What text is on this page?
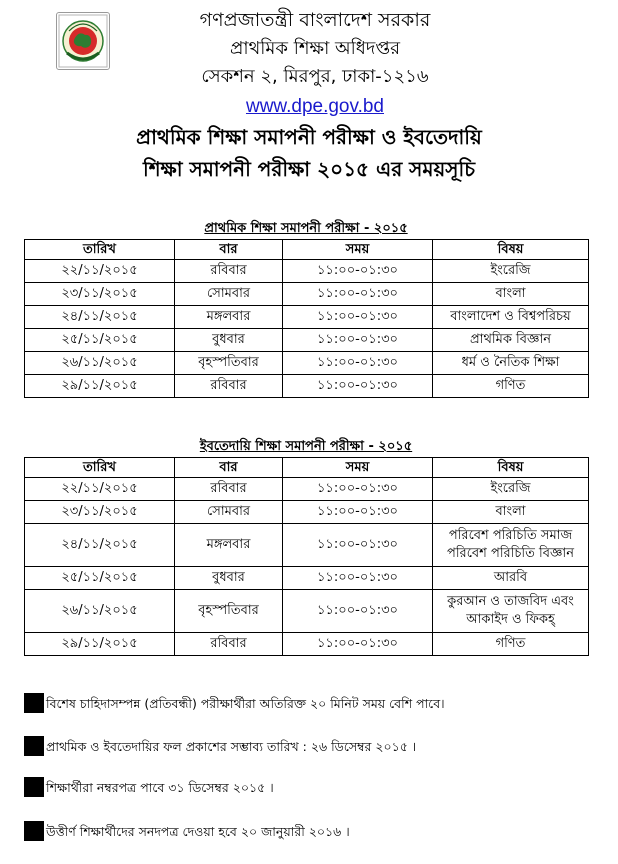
গণপ্রজাতন্ত্রী বাংলাদেশ সরকার
প্রাথমিক শিক্ষা অধিদপ্তর
সেকশন ২, মিরপুর, ঢাকা-১২১৬
www.dpe.gov.bd
প্রাথমিক শিক্ষা সমাপনী পরীক্ষা ও ইবতেদায়ি
শিক্ষা সমাপনী পরীক্ষা ২০১৫ এর সময়সূচি
প্রাথমিক শিক্ষা সমাপনী পরীক্ষা - ২০১৫
তারিখ	বার	সময়	বিষয়
২২/১১/২০১৫	রবিবার	১১:০০-০১:৩০	ইংরেজি
২৩/১১/২০১৫	সোমবার	১১:০০-০১:৩০	বাংলা
২৪/১১/২০১৫	মঙ্গলবার	১১:০০-০১:৩০	বাংলাদেশ ও বিশ্বপরিচয়
২৫/১১/২০১৫	বুধবার	১১:০০-০১:৩০	প্রাথমিক বিজ্ঞান
২৬/১১/২০১৫	বৃহস্পতিবার	১১:০০-০১:৩০	ধর্ম ও নৈতিক শিক্ষা
২৯/১১/২০১৫	রবিবার	১১:০০-০১:৩০	গণিত
ইবতেদায়ি শিক্ষা সমাপনী পরীক্ষা - ২০১৫
তারিখ	বার	সময়	বিষয়
২২/১১/২০১৫	রবিবার	১১:০০-০১:৩০	ইংরেজি
২৩/১১/২০১৫	সোমবার	১১:০০-০১:৩০	বাংলা
২৪/১১/২০১৫	মঙ্গলবার	১১:০০-০১:৩০	পরিবেশ পরিচিতি সমাজ পরিবেশ পরিচিতি বিজ্ঞান
২৫/১১/২০১৫	বুধবার	১১:০০-০১:৩০	আরবি
২৬/১১/২০১৫	বৃহস্পতিবার	১১:০০-০১:৩০	কুরআন ও তাজবিদ এবং আকাইদ ও ফিকহ্
২৯/১১/২০১৫	রবিবার	১১:০০-০১:৩০	গণিত
বিশেষ চাহিদাসম্পন্ন (প্রতিবন্ধী) পরীক্ষার্থীরা অতিরিক্ত ২০ মিনিট সময় বেশি পাবে।
প্রাথমিক ও ইবতেদায়ির ফল প্রকাশের সম্ভাব্য তারিখ : ২৬ ডিসেম্বর ২০১৫ ।
শিক্ষার্থীরা নম্বরপত্র পাবে ৩১ ডিসেম্বর ২০১৫ ।
উত্তীর্ণ শিক্ষার্থীদের সনদপত্র দেওয়া হবে ২০ জানুয়ারী ২০১৬ ।
